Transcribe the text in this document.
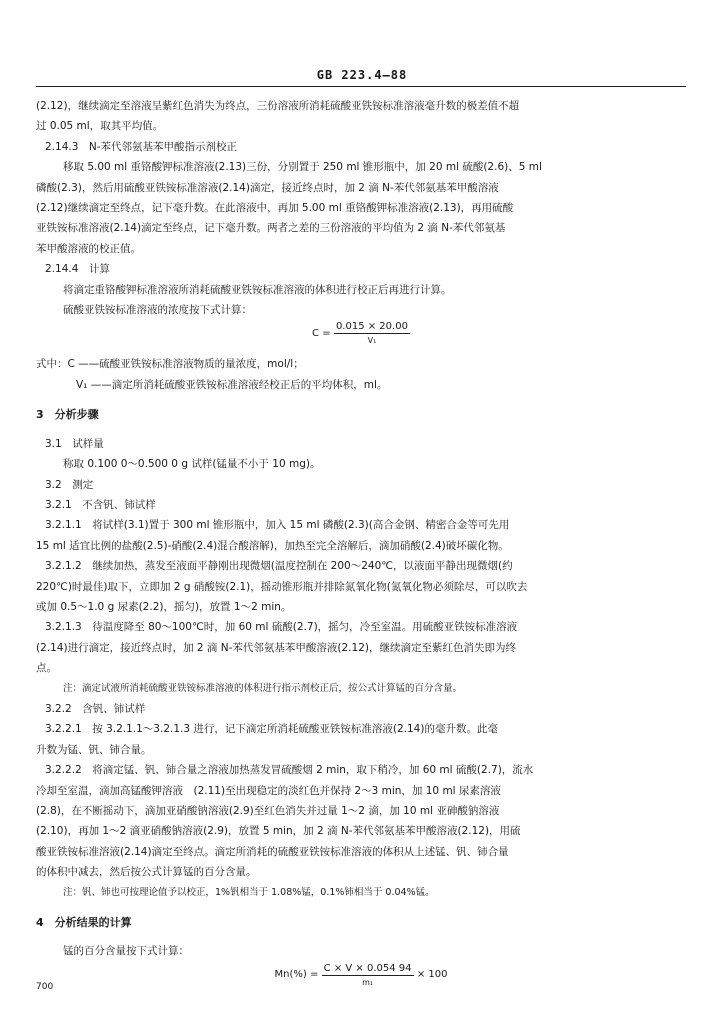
GB 223.4—88
(2.12)，继续滴定至溶液呈紫红色消失为终点，三份溶液所消耗硫酸亚铁铵标准溶液毫升数的极差值不超
过 0.05 ml，取其平均值。
2.14.3　N-苯代邻氨基苯甲酸指示剂校正
移取 5.00 ml 重铬酸钾标准溶液(2.13)三份，分别置于 250 ml 锥形瓶中，加 20 ml 硫酸(2.6)、5 ml
磷酸(2.3)，然后用硫酸亚铁铵标准溶液(2.14)滴定，接近终点时，加 2 滴 N-苯代邻氨基苯甲酸溶液
(2.12)继续滴定至终点，记下毫升数。在此溶液中，再加 5.00 ml 重铬酸钾标准溶液(2.13)，再用硫酸
亚铁铵标准溶液(2.14)滴定至终点，记下毫升数。两者之差的三份溶液的平均值为 2 滴 N-苯代邻氨基
苯甲酸溶液的校正值。
2.14.4　计算
将滴定重铬酸钾标准溶液所消耗硫酸亚铁铵标准溶液的体积进行校正后再进行计算。
硫酸亚铁铵标准溶液的浓度按下式计算：
$C = \frac{0.015 \times 20.00}{\text{V₁}}$
式中：C ——硫酸亚铁铵标准溶液物质的量浓度，mol/l；
V₁ ——滴定所消耗硫酸亚铁铵标准溶液经校正后的平均体积，ml。
3　分析步骤
3.1　试样量
称取 0.100 0～0.500 0 g 试样(锰量不小于 10 mg)。
3.2　测定
3.2.1　不含钒、铈试样
3.2.1.1　将试样(3.1)置于 300 ml 锥形瓶中，加入 15 ml 磷酸(2.3)(高合金钢、精密合金等可先用
15 ml 适宜比例的盐酸(2.5)-硝酸(2.4)混合酸溶解)，加热至完全溶解后，滴加硝酸(2.4)破坏碳化物。
3.2.1.2　继续加热，蒸发至液面平静刚出现微烟(温度控制在 200～240℃，以液面平静出现微烟(约
220℃)时最佳)取下，立即加 2 g 硝酸铵(2.1)，摇动锥形瓶并排除氮氧化物(氮氧化物必须除尽，可以吹去
或加 0.5～1.0 g 尿素(2.2)，摇匀)，放置 1～2 min。
3.2.1.3　待温度降至 80～100℃时，加 60 ml 硫酸(2.7)，摇匀，冷至室温。用硫酸亚铁铵标准溶液
(2.14)进行滴定，接近终点时，加 2 滴 N-苯代邻氨基苯甲酸溶液(2.12)，继续滴定至紫红色消失即为终
点。
注：滴定试液所消耗硫酸亚铁铵标准溶液的体积进行指示剂校正后，按公式计算锰的百分含量。
3.2.2　含钒、铈试样
3.2.2.1　按 3.2.1.1～3.2.1.3 进行，记下滴定所消耗硫酸亚铁铵标准溶液(2.14)的毫升数。此毫
升数为锰、钒、铈合量。
3.2.2.2　将滴定锰、钒、铈合量之溶液加热蒸发冒硫酸烟 2 min，取下稍冷，加 60 ml 硫酸(2.7)，流水
冷却至室温，滴加高锰酸钾溶液　(2.11)至出现稳定的淡红色并保持 2～3 min，加 10 ml 尿素溶液
(2.8)，在不断摇动下，滴加亚硝酸钠溶液(2.9)至红色消失并过量 1～2 滴，加 10 ml 亚砷酸钠溶液
(2.10)，再加 1～2 滴亚硝酸钠溶液(2.9)，放置 5 min，加 2 滴 N-苯代邻氨基苯甲酸溶液(2.12)，用硫
酸亚铁铵标准溶液(2.14)滴定至终点。滴定所消耗的硫酸亚铁铵标准溶液的体积从上述锰、钒、铈合量
的体积中减去，然后按公式计算锰的百分含量。
注：钒、铈也可按理论值予以校正，1%钒相当于 1.08%锰，0.1%铈相当于 0.04%锰。
4　分析结果的计算
锰的百分含量按下式计算：
$Mn(\%) = \frac{C \times V \times 0.054 94}{\text{m₁}} \times 100$
700
